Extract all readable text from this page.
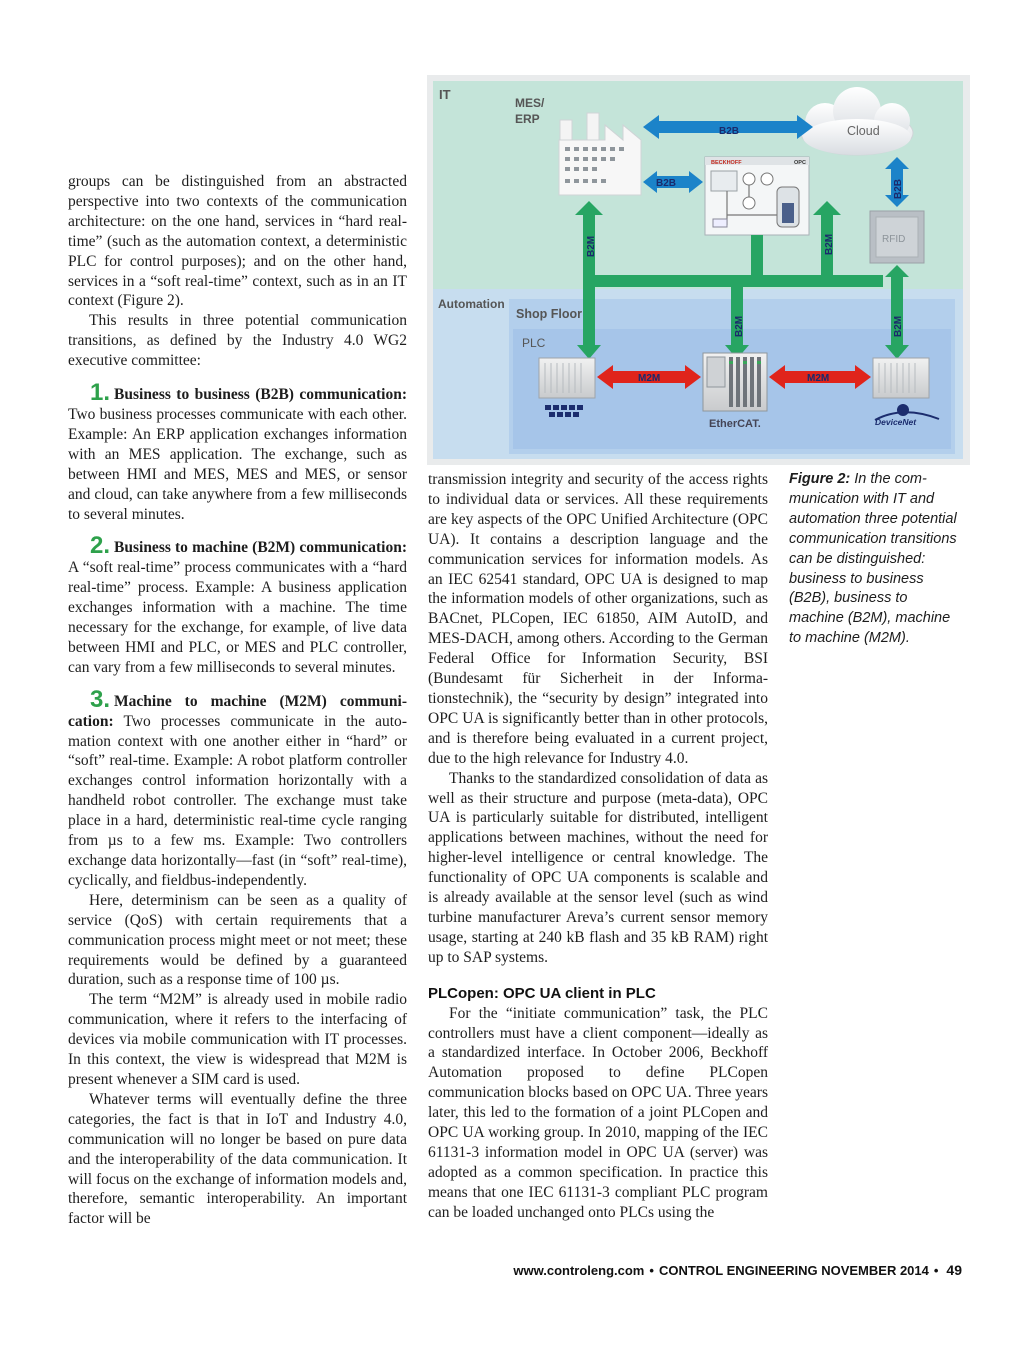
IT
MES/
ERP
Automation
Shop Floor
PLC
Cloud
BECKHOFF	OPC
RFID
B2B
B2B	B2B
B2M	B2M
B2M	B2M
M2M	M2M
EtherCAT.	DeviceNet

groups can be distinguished from an abstracted perspective into two contexts of the communication architecture: on the one hand, services in “hard real-time” (such as the automation context, a deterministic PLC for control purposes); and on the other hand, services in a “soft real-time” context, such as in an IT context (Figure 2).

This results in three potential communication transitions, as defined by the Industry 4.0 WG2 executive committee:

1. Business to business (B2B) communication: Two business processes communicate with each other. Example: An ERP application exchanges information with an MES application. The exchange, such as between HMI and MES, MES and MES, or sensor and cloud, can take anywhere from a few milliseconds to several minutes.

2. Business to machine (B2M) communication: A “soft real-time” process communicates with a “hard real-time” process. Example: A business application exchanges information with a machine. The time necessary for the exchange, for example, of live data between HMI and PLC, or MES and PLC controller, can vary from a few milliseconds to several minutes.

3. Machine to machine (M2M) communication: Two processes communicate in the automation context with one another either in “hard” or “soft” real-time. Example: A robot platform controller exchanges control information horizontally with a handheld robot controller. The exchange must take place in a hard, deterministic real-time cycle ranging from µs to a few ms. Example: Two controllers exchange data horizontally—fast (in “soft” real-time), cyclically, and fieldbus-independently.

Here, determinism can be seen as a quality of service (QoS) with certain requirements that a communication process might meet or not meet; these requirements would be defined by a guaranteed duration, such as a response time of 100 µs.

The term “M2M” is already used in mobile radio communication, where it refers to the interfacing of devices via mobile communication with IT processes. In this context, the view is widespread that M2M is present whenever a SIM card is used.

Whatever terms will eventually define the three categories, the fact is that in IoT and Industry 4.0, communication will no longer be based on pure data and the interoperability of the data communication. It will focus on the exchange of information models and, therefore, semantic interoperability. An important factor will be

transmission integrity and security of the access rights to individual data or services. All these requirements are key aspects of the OPC Unified Architecture (OPC UA). It contains a description language and the communication services for information models. As an IEC 62541 standard, OPC UA is designed to map the information models of other organizations, such as BACnet, PLCopen, IEC 61850, AIM AutoID, and MES-DACH, among others. According to the German Federal Office for Information Security, BSI (Bundesamt für Sicherheit in der Informationstechnik), the “security by design” integrated into OPC UA is significantly better than in other protocols, and is therefore being evaluated in a current project, due to the high relevance for Industry 4.0.

Thanks to the standardized consolidation of data as well as their structure and purpose (meta-data), OPC UA is particularly suitable for distributed, intelligent applications between machines, without the need for higher-level intelligence or central knowledge. The functionality of OPC UA components is scalable and is already available at the sensor level (such as wind turbine manufacturer Areva’s current sensor memory usage, starting at 240 kB flash and 35 kB RAM) right up to SAP systems.

PLCopen: OPC UA client in PLC

For the “initiate communication” task, the PLC controllers must have a client component—ideally as a standardized interface. In October 2006, Beckhoff Automation proposed to define PLCopen communication blocks based on OPC UA. Three years later, this led to the formation of a joint PLCopen and OPC UA working group. In 2010, mapping of the IEC 61131-3 information model in OPC UA (server) was adopted as a common specification. In practice this means that one IEC 61131-3 compliant PLC program can be loaded unchanged onto PLCs using the

Figure 2: In the communication with IT and automation three potential communication transitions can be distinguished: business to business (B2B), business to machine (B2M), machine to machine (M2M).
www.controleng.com • CONTROL ENGINEERING NOVEMBER 2014 • 49
